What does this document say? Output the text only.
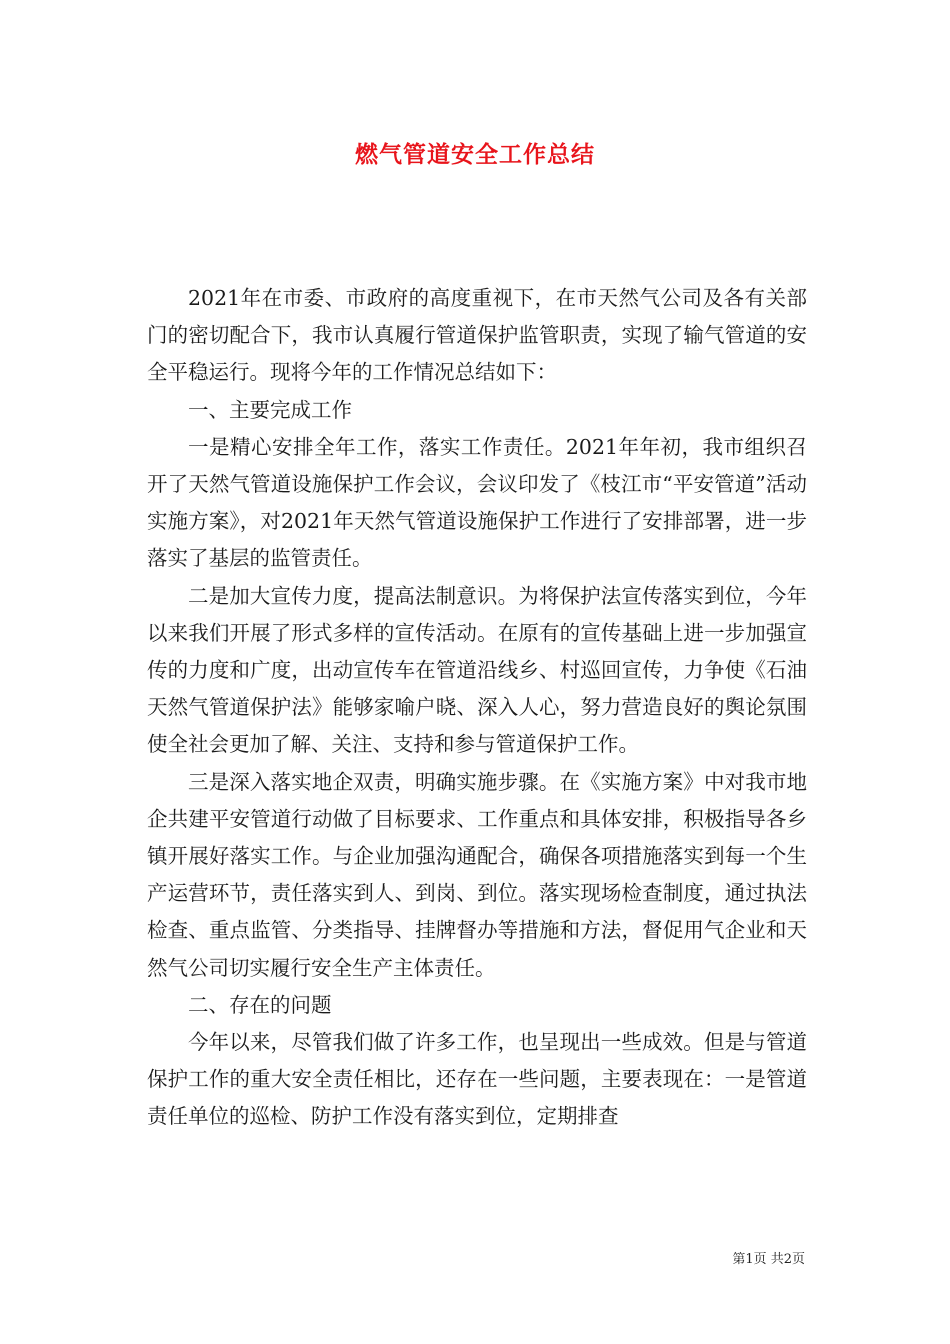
燃气管道安全工作总结

2021年在市委、市政府的高度重视下，在市天然气公司及各有关部门的密切配合下，我市认真履行管道保护监管职责，实现了输气管道的安全平稳运行。现将今年的工作情况总结如下：

一、主要完成工作

一是精心安排全年工作，落实工作责任。2021年年初，我市组织召开了天然气管道设施保护工作会议，会议印发了《枝江市“平安管道”活动实施方案》，对2021年天然气管道设施保护工作进行了安排部署，进一步落实了基层的监管责任。

二是加大宣传力度，提高法制意识。为将保护法宣传落实到位，今年以来我们开展了形式多样的宣传活动。在原有的宣传基础上进一步加强宣传的力度和广度，出动宣传车在管道沿线乡、村巡回宣传，力争使《石油天然气管道保护法》能够家喻户晓、深入人心，努力营造良好的舆论氛围使全社会更加了解、关注、支持和参与管道保护工作。

三是深入落实地企双责，明确实施步骤。在《实施方案》中对我市地企共建平安管道行动做了目标要求、工作重点和具体安排，积极指导各乡镇开展好落实工作。与企业加强沟通配合，确保各项措施落实到每一个生产运营环节，责任落实到人、到岗、到位。落实现场检查制度，通过执法检查、重点监管、分类指导、挂牌督办等措施和方法，督促用气企业和天然气公司切实履行安全生产主体责任。

二、存在的问题

今年以来，尽管我们做了许多工作，也呈现出一些成效。但是与管道保护工作的重大安全责任相比，还存在一些问题，主要表现在：一是管道责任单位的巡检、防护工作没有落实到位，定期排查

第1页 共2页
